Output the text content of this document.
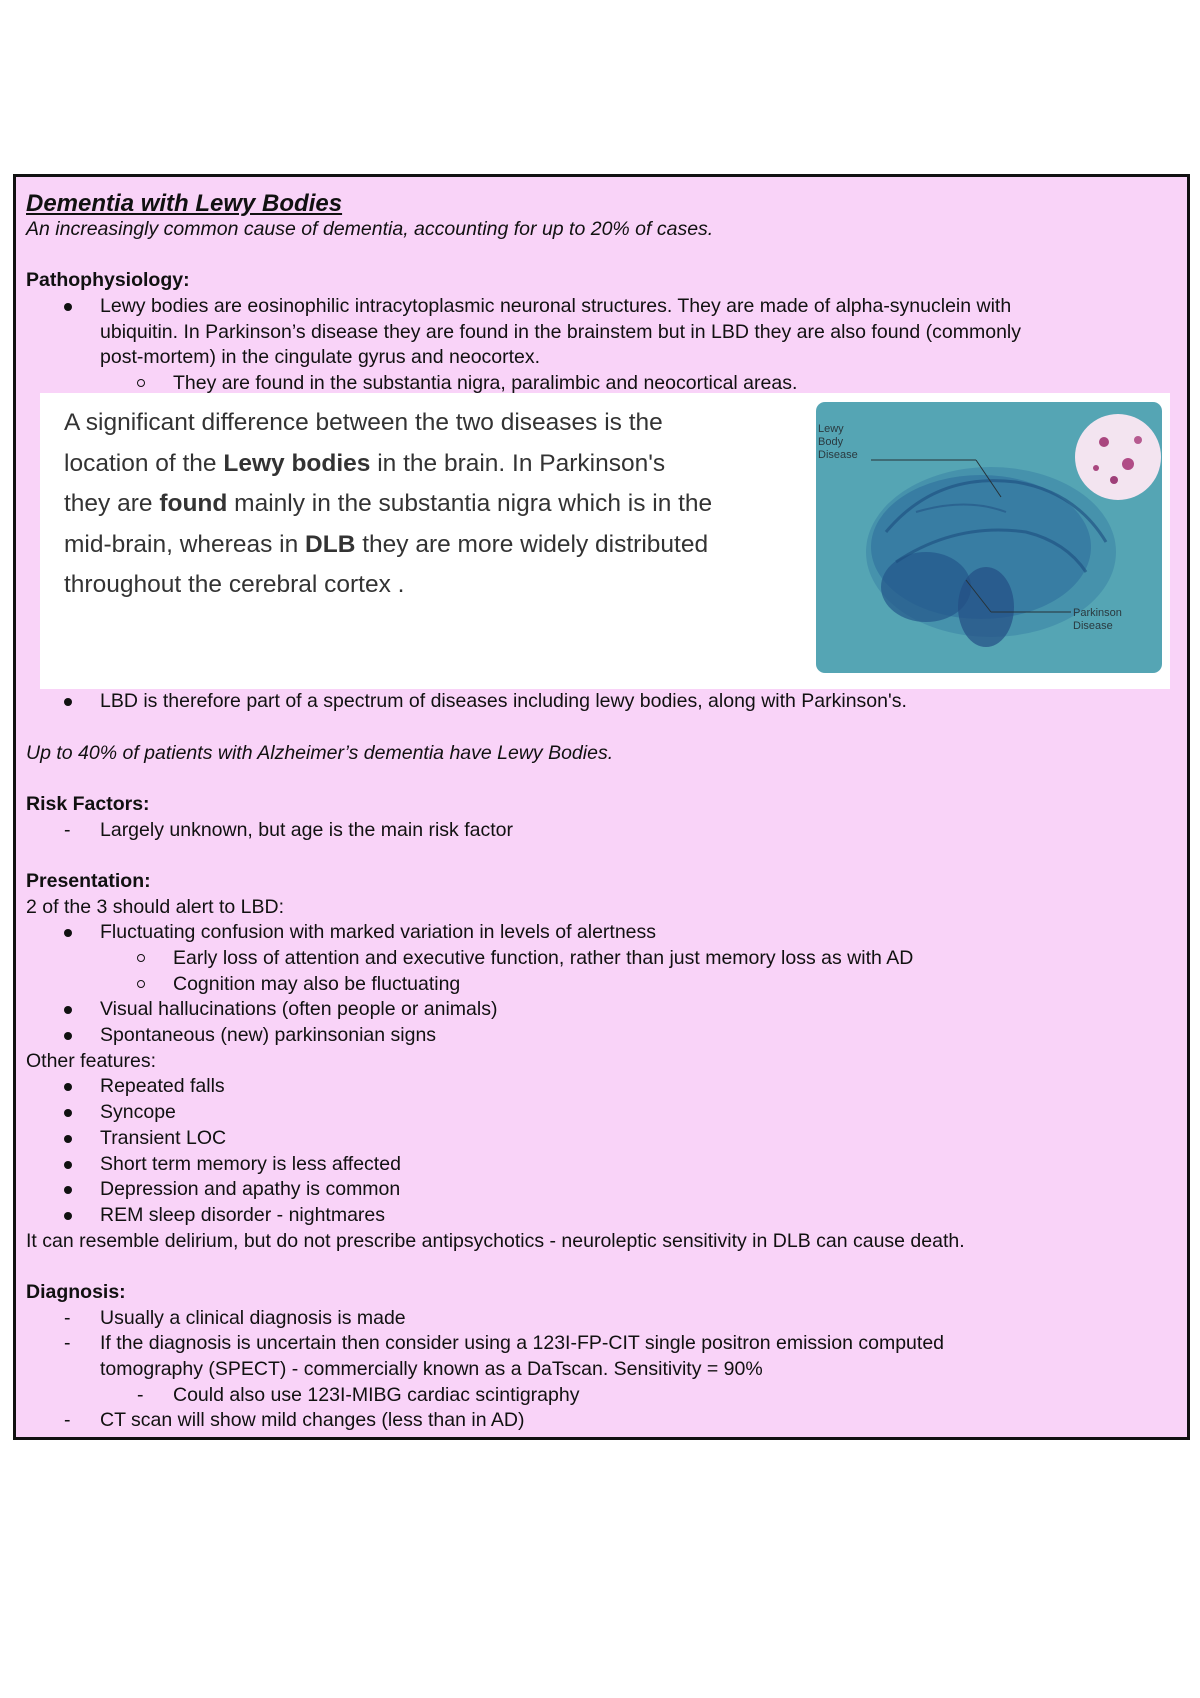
Dementia with Lewy Bodies
An increasingly common cause of dementia, accounting for up to 20% of cases.
Pathophysiology:
Lewy bodies are eosinophilic intracytoplasmic neuronal structures. They are made of alpha-synuclein with
ubiquitin. In Parkinson’s disease they are found in the brainstem but in LBD they are also found (commonly
post-mortem) in the cingulate gyrus and neocortex.
They are found in the substantia nigra, paralimbic and neocortical areas.
A significant difference between the two diseases is the
location of the Lewy bodies in the brain. In Parkinson's
they are found mainly in the substantia nigra which is in the
mid-brain, whereas in DLB they are more widely distributed
throughout the cerebral cortex .
Lewy
Body
Disease
Parkinson
Disease
LBD is therefore part of a spectrum of diseases including lewy bodies, along with Parkinson's.
Up to 40% of patients with Alzheimer’s dementia have Lewy Bodies.
Risk Factors:
- Largely unknown, but age is the main risk factor
Presentation:
2 of the 3 should alert to LBD:
Fluctuating confusion with marked variation in levels of alertness
Early loss of attention and executive function, rather than just memory loss as with AD
Cognition may also be fluctuating
Visual hallucinations (often people or animals)
Spontaneous (new) parkinsonian signs
Other features:
Repeated falls
Syncope
Transient LOC
Short term memory is less affected
Depression and apathy is common
REM sleep disorder - nightmares
It can resemble delirium, but do not prescribe antipsychotics - neuroleptic sensitivity in DLB can cause death.
Diagnosis:
- Usually a clinical diagnosis is made
- If the diagnosis is uncertain then consider using a 123I-FP-CIT single positron emission computed
tomography (SPECT) - commercially known as a DaTscan. Sensitivity = 90%
- Could also use 123I-MIBG cardiac scintigraphy
- CT scan will show mild changes (less than in AD)
